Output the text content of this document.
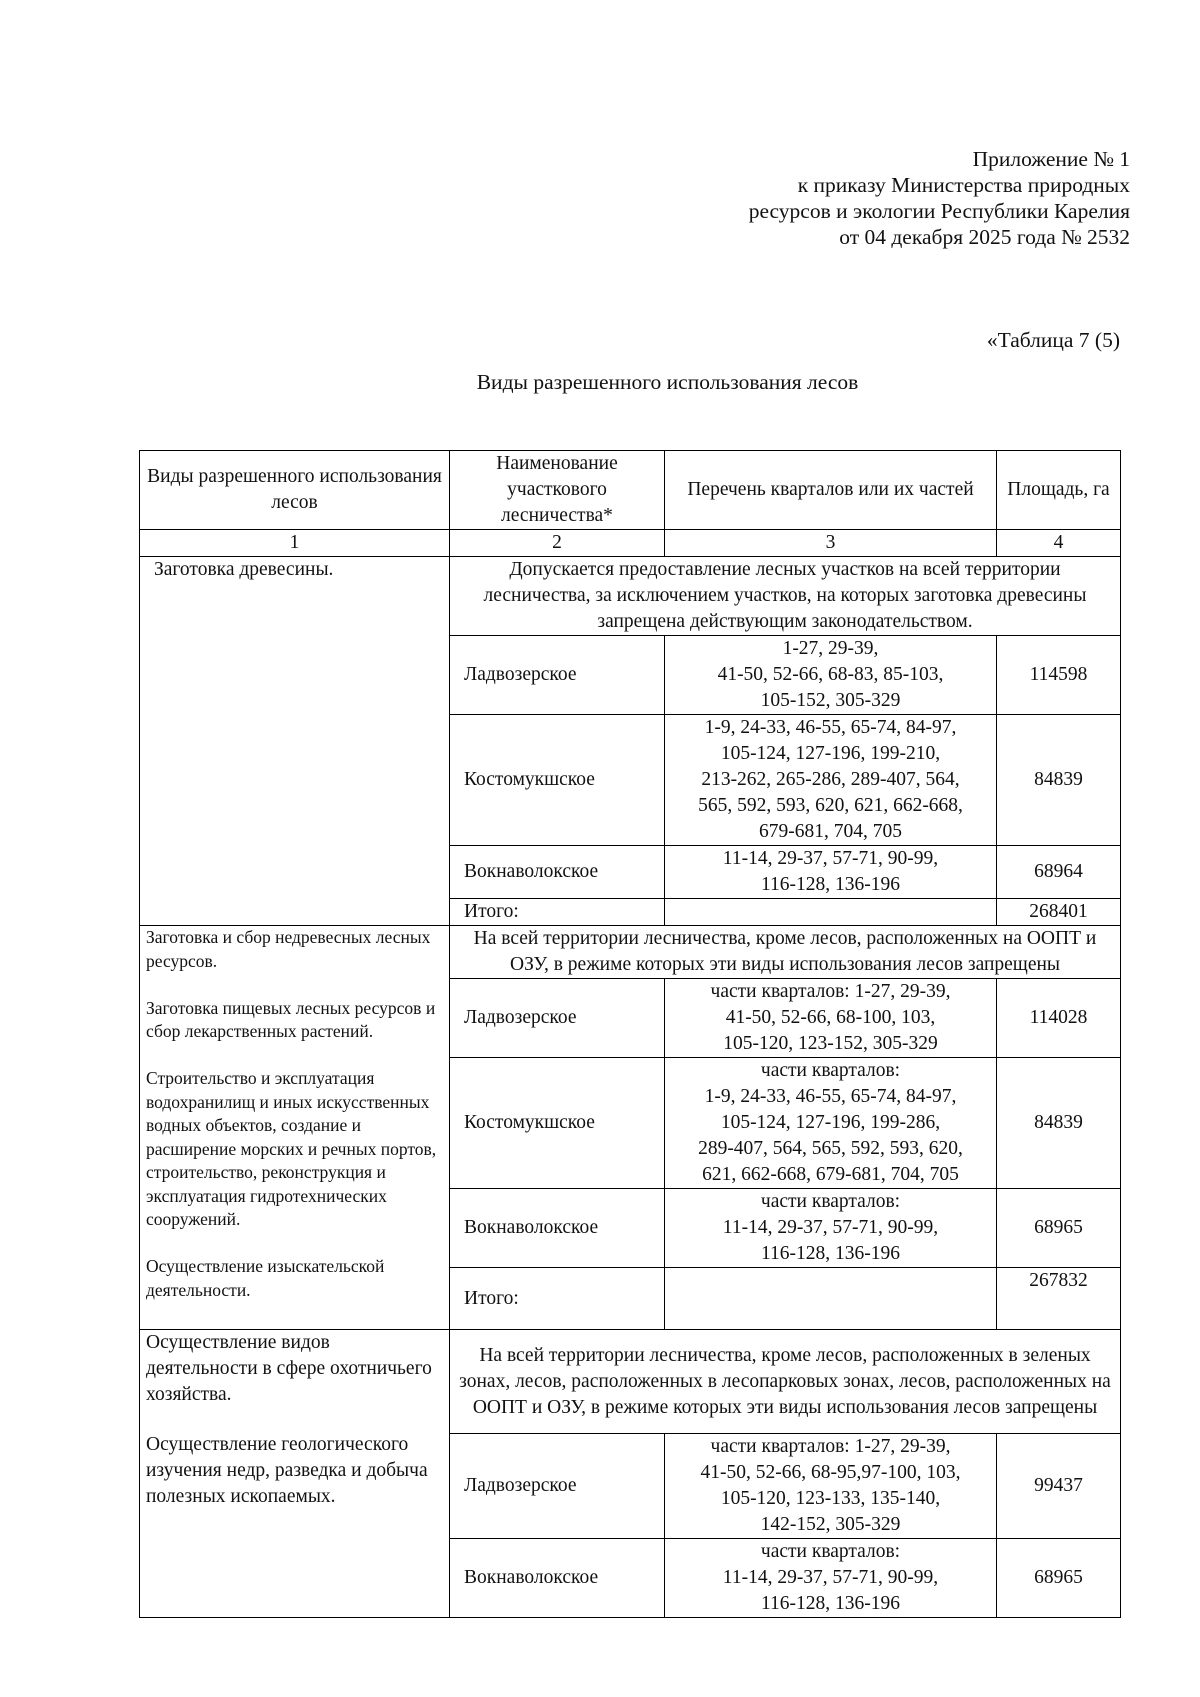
Приложение № 1
к приказу Министерства природных
ресурсов и экологии Республики Карелия
от 04 декабря 2025 года № 2532
«Таблица 7 (5)
Виды разрешенного использования лесов
Виды разрешенного использования лесов	Наименование участкового лесничества*	Перечень кварталов или их частей	Площадь, га
1	2	3	4
Заготовка древесины.	Допускается предоставление лесных участков на всей территории лесничества, за исключением участков, на которых заготовка древесины запрещена действующим законодательством.		
	Ладвозерское	1-27, 29-39,
41-50, 52-66, 68-83, 85-103,
105-152, 305-329	114598
	Костомукшское	1-9, 24-33, 46-55, 65-74, 84-97,
105-124, 127-196, 199-210,
213-262, 265-286, 289-407, 564,
565, 592, 593, 620, 621, 662-668,
679-681, 704, 705	84839
	Вокнаволокское	11-14, 29-37, 57-71, 90-99,
116-128, 136-196	68964
	Итого:		268401

Заготовка и сбор недревесных лесных ресурсов.
Заготовка пищевых лесных ресурсов и сбор лекарственных растений.
Строительство и эксплуатация водохранилищ и иных искусственных водных объектов, создание и расширение морских и речных портов, строительство, реконструкция и эксплуатация гидротехнических сооружений.
Осуществление изыскательской деятельности.	На всей территории лесничества, кроме лесов, расположенных на ООПТ и ОЗУ, в режиме которых эти виды использования лесов запрещены		
	Ладвозерское	части кварталов: 1-27, 29-39,
41-50, 52-66, 68-100, 103,
105-120, 123-152, 305-329	114028
	Костомукшское	части кварталов:
1-9, 24-33, 46-55, 65-74, 84-97,
105-124, 127-196, 199-286,
289-407, 564, 565, 592, 593, 620,
621, 662-668, 679-681, 704, 705	84839
	Вокнаволокское	части кварталов:
11-14, 29-37, 57-71, 90-99,
116-128, 136-196	68965
	Итого:		267832

Осуществление видов деятельности в сфере охотничьего хозяйства.
Осуществление геологического изучения недр, разведка и добыча полезных ископаемых.	На всей территории лесничества, кроме лесов, расположенных в зеленых зонах, лесов, расположенных в лесопарковых зонах, лесов, расположенных на ООПТ и ОЗУ, в режиме которых эти виды использования лесов запрещены		
	Ладвозерское	части кварталов: 1-27, 29-39,
41-50, 52-66, 68-95,97-100, 103,
105-120, 123-133, 135-140,
142-152, 305-329	99437
	Вокнаволокское	части кварталов:
11-14, 29-37, 57-71, 90-99,
116-128, 136-196	68965
